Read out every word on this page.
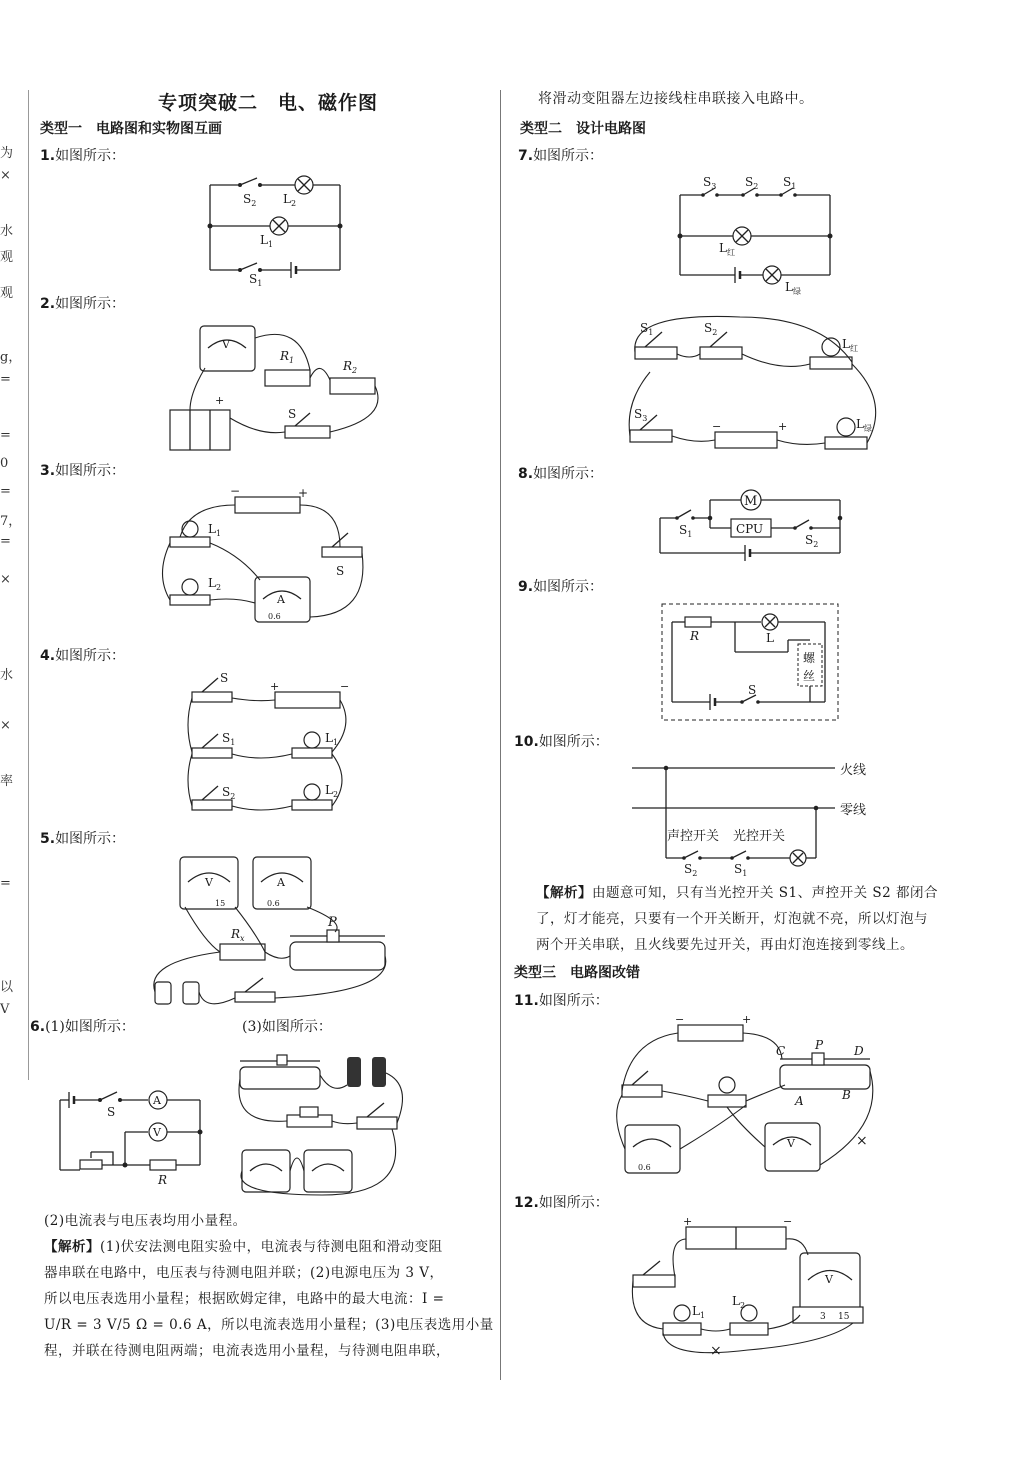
专项突破二　电、磁作图	将滑动变阻器左边接线柱串联接入电路中。
为
×
水
观
观
g，
=
=
0
=
7，
=
×
水
×
率
=
以
V
类型一　电路图和实物图互画
1.如图所示：
$S_2$ $L_2$
$L_1$
$S_1$
2.如图所示：
V
$R_1$	$R_2$
+
S
3.如图所示：
−	+
$L_1$
$L_2$
S
A
0.6
4.如图所示：
S
+	−
$S_1$	$L_1$
$S_2$	$L_2$
5.如图所示：
V
15
A
0.6
$R_x$
P
6.(1)如图所示：	(3)如图所示：
S
A
V
R
(2)电流表与电压表均用小量程。
【解析】(1)伏安法测电阻实验中，电流表与待测电阻和滑动变阻
器串联在电路中，电压表与待测电阻并联；(2)电源电压为 3 V，
所以电压表选用小量程；根据欧姆定律，电路中的最大电流：I =
U/R = 3 V/5 Ω = 0.6 A，所以电流表选用小量程；(3)电压表选用小量
程，并联在待测电阻两端；电流表选用小量程，与待测电阻串联，
类型二　设计电路图
7.如图所示：
$S_3$ $S_2$ $S_1$
$L_红$
$L_绿$
$S_1$	$S_2$
$L_红$
$S_3$
−	+	$L_绿$
8.如图所示：
$S_1$
M
CPU
$S_2$
9.如图所示：
R	L
螺
丝
S
10.如图所示：
火线
零线
声控开关 光控开关
$S_2$	$S_1$
【解析】由题意可知，只有当光控开关 S1、声控开关 S2 都闭合
了，灯才能亮，只要有一个开关断开，灯泡就不亮，所以灯泡与
两个开关串联，且火线要先过开关，再由灯泡连接到零线上。
类型三　电路图改错
11.如图所示：
−	+
C P	D
A	B
0.6
V	×
12.如图所示：
+	−
V
3 15
$L_1$
$L_2$
×
